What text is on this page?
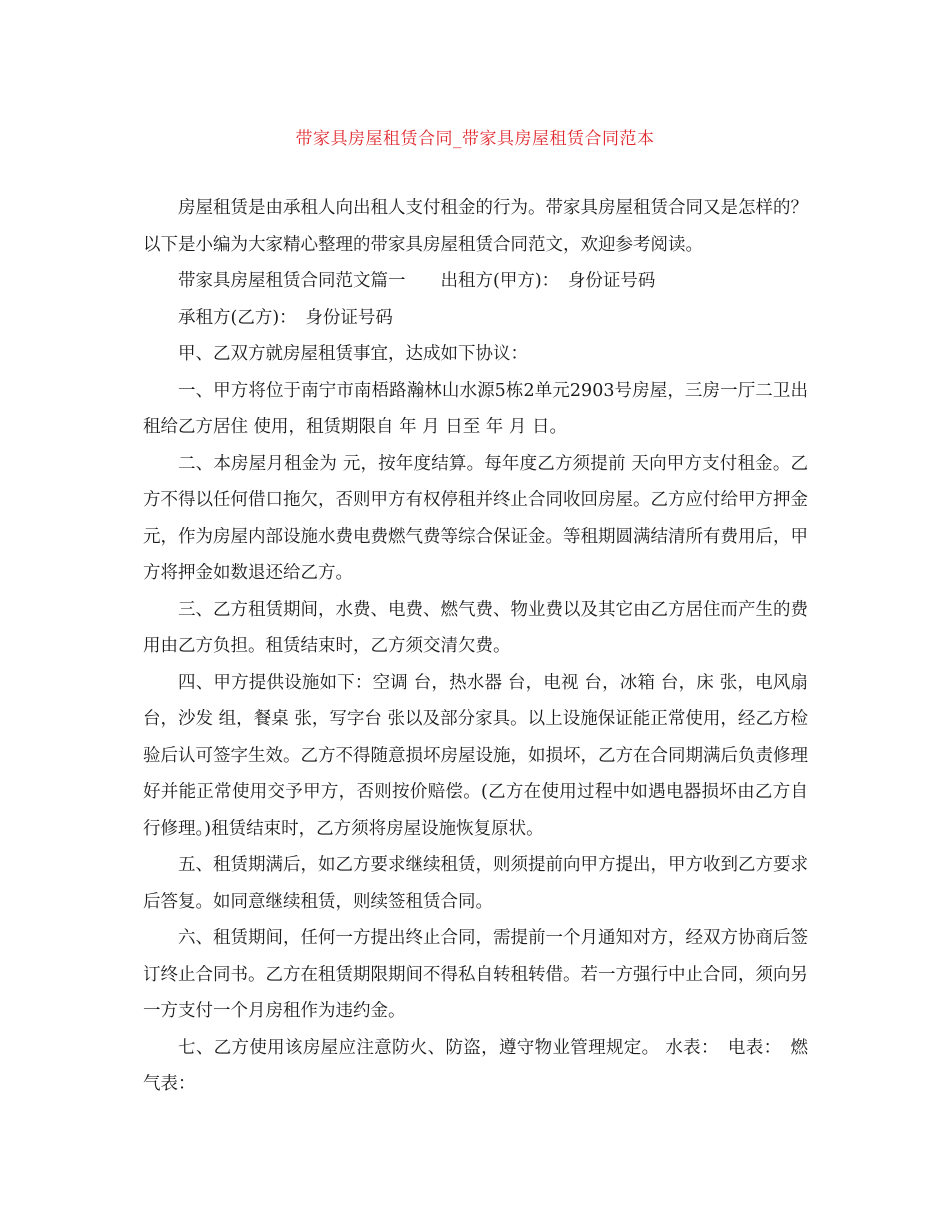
带家具房屋租赁合同_带家具房屋租赁合同范本

房屋租赁是由承租人向出租人支付租金的行为。带家具房屋租赁合同又是怎样的？以下是小编为大家精心整理的带家具房屋租赁合同范文，欢迎参考阅读。

带家具房屋租赁合同范文篇一　　出租方(甲方)：　身份证号码

承租方(乙方)：　身份证号码

甲、乙双方就房屋租赁事宜，达成如下协议：

一、甲方将位于南宁市南梧路瀚林山水源5栋2单元2903号房屋，三房一厅二卫出租给乙方居住 使用，租赁期限自 年 月 日至 年 月 日。

二、本房屋月租金为 元，按年度结算。每年度乙方须提前 天向甲方支付租金。乙方不得以任何借口拖欠，否则甲方有权停租并终止合同收回房屋。乙方应付给甲方押金 元，作为房屋内部设施水费电费燃气费等综合保证金。等租期圆满结清所有费用后，甲方将押金如数退还给乙方。

三、乙方租赁期间，水费、电费、燃气费、物业费以及其它由乙方居住而产生的费用由乙方负担。租赁结束时，乙方须交清欠费。

四、甲方提供设施如下：空调 台，热水器 台，电视 台，冰箱 台，床 张，电风扇 台，沙发 组，餐桌 张，写字台 张以及部分家具。以上设施保证能正常使用，经乙方检验后认可签字生效。乙方不得随意损坏房屋设施，如损坏，乙方在合同期满后负责修理好并能正常使用交予甲方，否则按价赔偿。(乙方在使用过程中如遇电器损坏由乙方自行修理。)租赁结束时，乙方须将房屋设施恢复原状。

五、租赁期满后，如乙方要求继续租赁，则须提前向甲方提出，甲方收到乙方要求后答复。如同意继续租赁，则续签租赁合同。

六、租赁期间，任何一方提出终止合同，需提前一个月通知对方，经双方协商后签订终止合同书。乙方在租赁期限期间不得私自转租转借。若一方强行中止合同，须向另一方支付一个月房租作为违约金。

七、乙方使用该房屋应注意防火、防盗，遵守物业管理规定。 水表：　电表：　燃气表：
